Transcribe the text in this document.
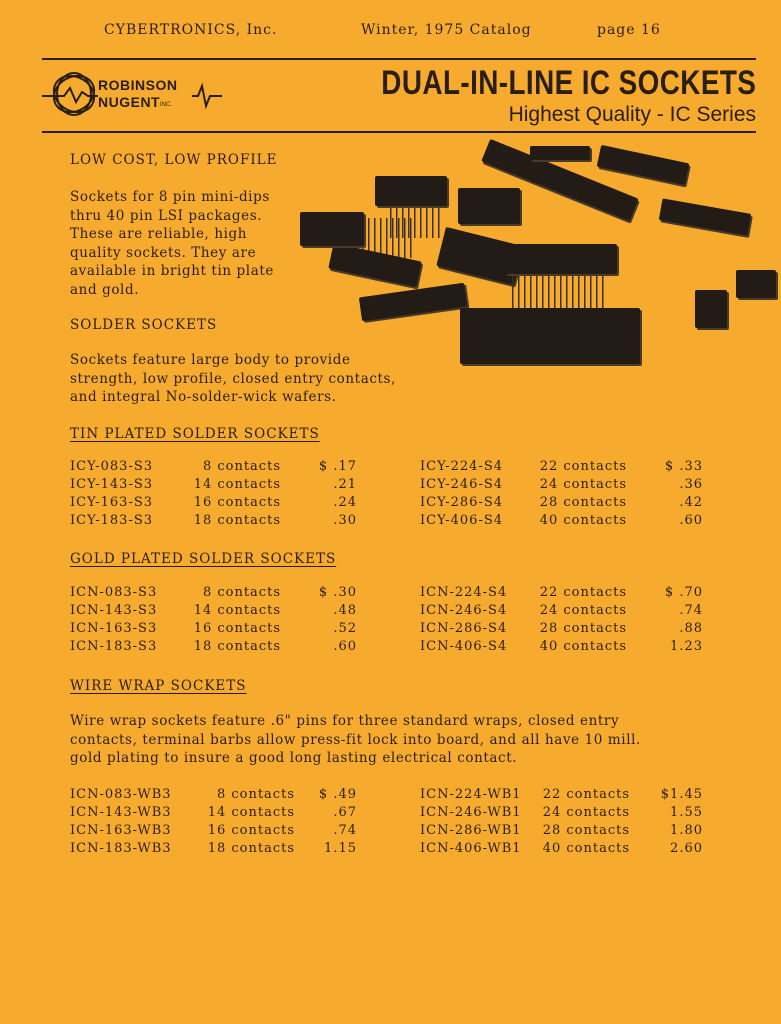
CYBERTRONICS, Inc.	Winter, 1975 Catalog	page 16
ROBINSON
NUGENT INC.
DUAL-IN-LINE IC SOCKETS
Highest Quality - IC Series
LOW COST, LOW PROFILE
Sockets for 8 pin mini-dips
thru 40 pin LSI packages.
These are reliable, high
quality sockets. They are
available in bright tin plate
and gold.
SOLDER SOCKETS
Sockets feature large body to provide
strength, low profile, closed entry contacts,
and integral No-solder-wick wafers.
TIN PLATED SOLDER SOCKETS
ICY-083-S3	8 contacts	$ .17
ICY-143-S3	14 contacts	.21
ICY-163-S3	16 contacts	.24
ICY-183-S3	18 contacts	.30
ICY-224-S4	22 contacts	$ .33
ICY-246-S4	24 contacts	.36
ICY-286-S4	28 contacts	.42
ICY-406-S4	40 contacts	.60
GOLD PLATED SOLDER SOCKETS
ICN-083-S3	8 contacts	$ .30
ICN-143-S3	14 contacts	.48
ICN-163-S3	16 contacts	.52
ICN-183-S3	18 contacts	.60
ICN-224-S4 22 contacts	$ .70
ICN-246-S4 24 contacts	.74
ICN-286-S4 28 contacts	.88
ICN-406-S4 40 contacts	1.23
WIRE WRAP SOCKETS
Wire wrap sockets feature .6" pins for three standard wraps, closed entry
contacts, terminal barbs allow press-fit lock into board, and all have 10 mill.
gold plating to insure a good long lasting electrical contact.
ICN-083-WB3	8 contacts	$ .49
ICN-143-WB3	14 contacts	.67
ICN-163-WB3	16 contacts	.74
ICN-183-WB3	18 contacts	1.15
ICN-224-WB1 22 contacts	$1.45
ICN-246-WB1 24 contacts	1.55
ICN-286-WB1 28 contacts	1.80
ICN-406-WB1 40 contacts	2.60
